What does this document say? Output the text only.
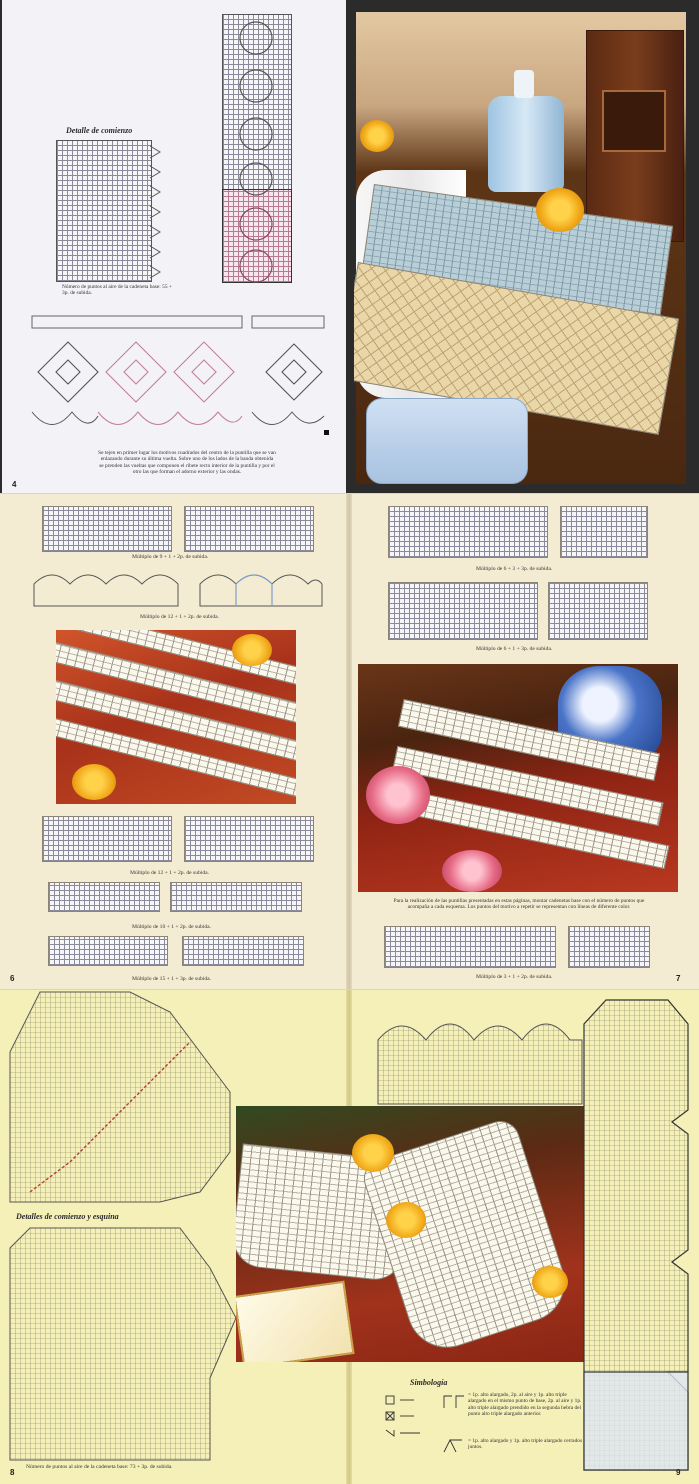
Detalle de comienzo
Número de puntos al aire de la cadeneta base: 55 + 3p. de subida.
Se tejen en primer lugar los motivos cuadrados del centro de la puntilla que se van enlazando durante su última vuelta. Sobre uno de los lados de la banda obtenida se prenden las vueltas que componen el ribete recto interior de la puntilla y por el otro las que forman el adorno exterior y las ondas.
4
Múltiplo de 9 + 1 + 2p. de subida.
Múltiplo de 12 + 1 + 2p. de subida.
Múltiplo de 12 + 1 + 2p. de subida.
Múltiplo de 10 + 1 + 2p. de subida.
Múltiplo de 15 + 1 + 3p. de subida.
6
Múltiplo de 6 + 3 + 3p. de subida.
Múltiplo de 6 + 1 + 3p. de subida.
Para la realización de las puntillas presentadas en estas páginas, montar cadenetas base con el número de puntos que acompaña a cada esquema. Los puntos del motivo a repetir se representan con líneas de diferente color.
Múltiplo de 3 + 1 + 2p. de subida.	7
Detalles de comienzo y esquina
Número de puntos al aire de la cadeneta base: 73 + 3p. de subida.
8
Simbología
= 1p. alto alargado, 2p. al aire y 1p. alto triple alargado en el mismo punto de base, 2p. al aire y 1p. alto triple alargado prendido en la segunda hebra del punto alto triple alargado anterior.
= 1p. alto alargado y 1p. alto triple alargado cerrados juntos.
9
